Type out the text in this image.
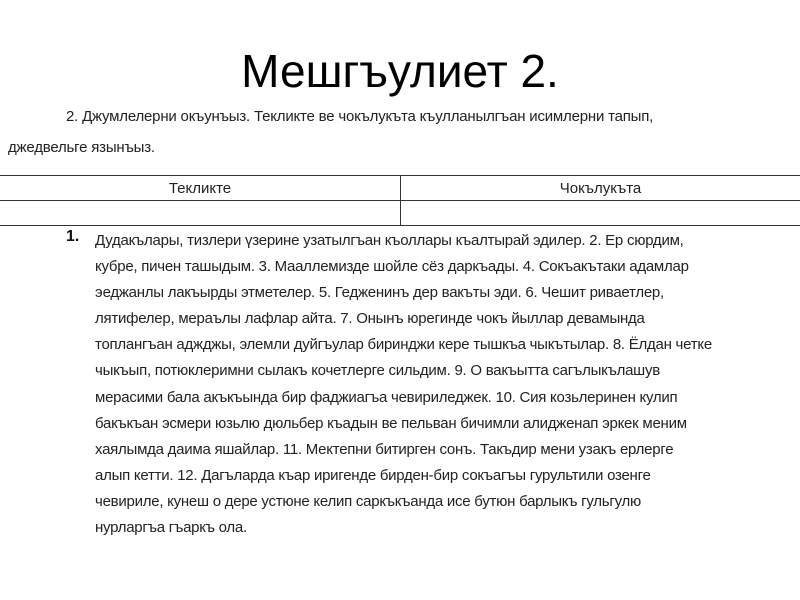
Мешгъулиет 2.
2. Джумлелерни окъунъыз. Текликте ве чокълукъта къулланылгъан исимлерни тапып,
джедвельге язынъыз.
Текликте	Чокълукъта

1. Дудакълары, тизлери үзерине узатылгъан къоллары къалтырай эдилер. 2. Ер сюрдим,
кубре, пичен ташыдым. 3. Мааллемизде шойле сёз даркъады. 4. Сокъакътаки адамлар
эеджанлы лакъырды этметелер. 5. Гедженинъ дер вакъты эди. 6. Чешит риваетлер,
лятифелер, мераълы лафлар айта. 7. Онынъ юрегинде чокъ йыллар девамында
топлангъан аджджы, элемли дуйгъулар биринджи кере тышкъа чыкътылар. 8. Ёлдан четке
чыкъып, потюклеримни сылакъ кочетлерге сильдим. 9. О вакъытта сагълыкълашув
мерасими бала акъкъында бир фаджиагъа чевириледжек. 10. Сия козьлеринен кулип
бакъкъан эсмери юзьлю дюльбер къадын ве пельван бичимли алидженап эркек меним
хаялымда даима яшайлар. 11. Мектепни битирген сонъ. Такъдир мени узакъ ерлерге
алып кетти. 12. Дагъларда къар иригенде бирден-бир сокъагъы гурультили озенге
чевириле, кунеш о дере устюне келип саркъкъанда исе бутюн барлыкъ гульгулю
нурларгъа гъаркъ ола.
